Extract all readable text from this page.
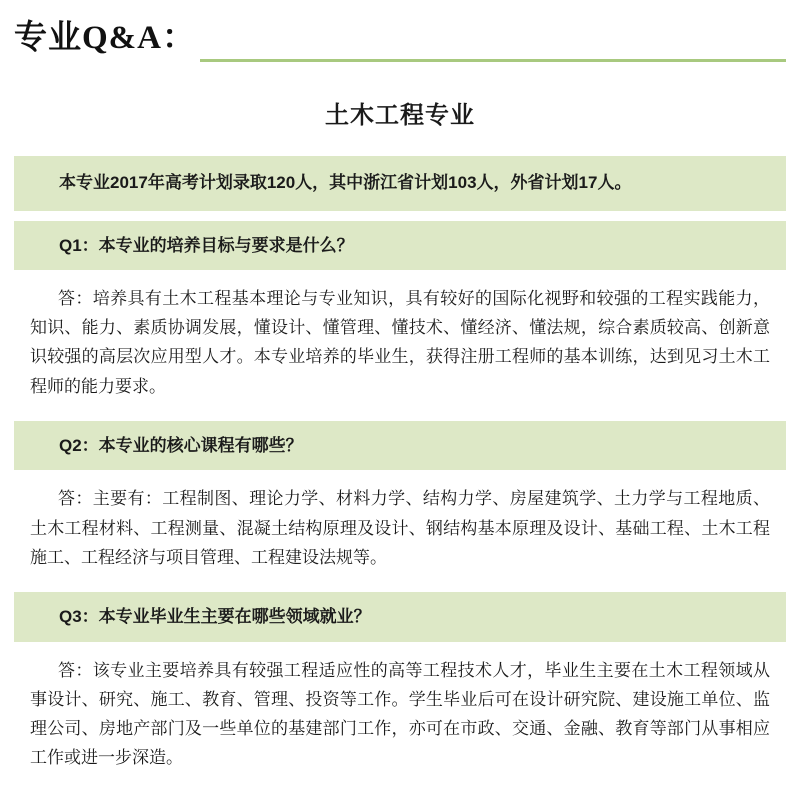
专业Q&A：
土木工程专业
本专业2017年高考计划录取120人，其中浙江省计划103人，外省计划17人。
Q1：本专业的培养目标与要求是什么？

答：培养具有土木工程基本理论与专业知识，具有较好的国际化视野和较强的工程实践能力，知识、能力、素质协调发展，懂设计、懂管理、懂技术、懂经济、懂法规，综合素质较高、创新意识较强的高层次应用型人才。本专业培养的毕业生，获得注册工程师的基本训练，达到见习土木工程师的能力要求。

Q2：本专业的核心课程有哪些？

答：主要有：工程制图、理论力学、材料力学、结构力学、房屋建筑学、土力学与工程地质、土木工程材料、工程测量、混凝土结构原理及设计、钢结构基本原理及设计、基础工程、土木工程施工、工程经济与项目管理、工程建设法规等。

Q3：本专业毕业生主要在哪些领域就业？

答：该专业主要培养具有较强工程适应性的高等工程技术人才，毕业生主要在土木工程领域从事设计、研究、施工、教育、管理、投资等工作。学生毕业后可在设计研究院、建设施工单位、监理公司、房地产部门及一些单位的基建部门工作，亦可在市政、交通、金融、教育等部门从事相应工作或进一步深造。
